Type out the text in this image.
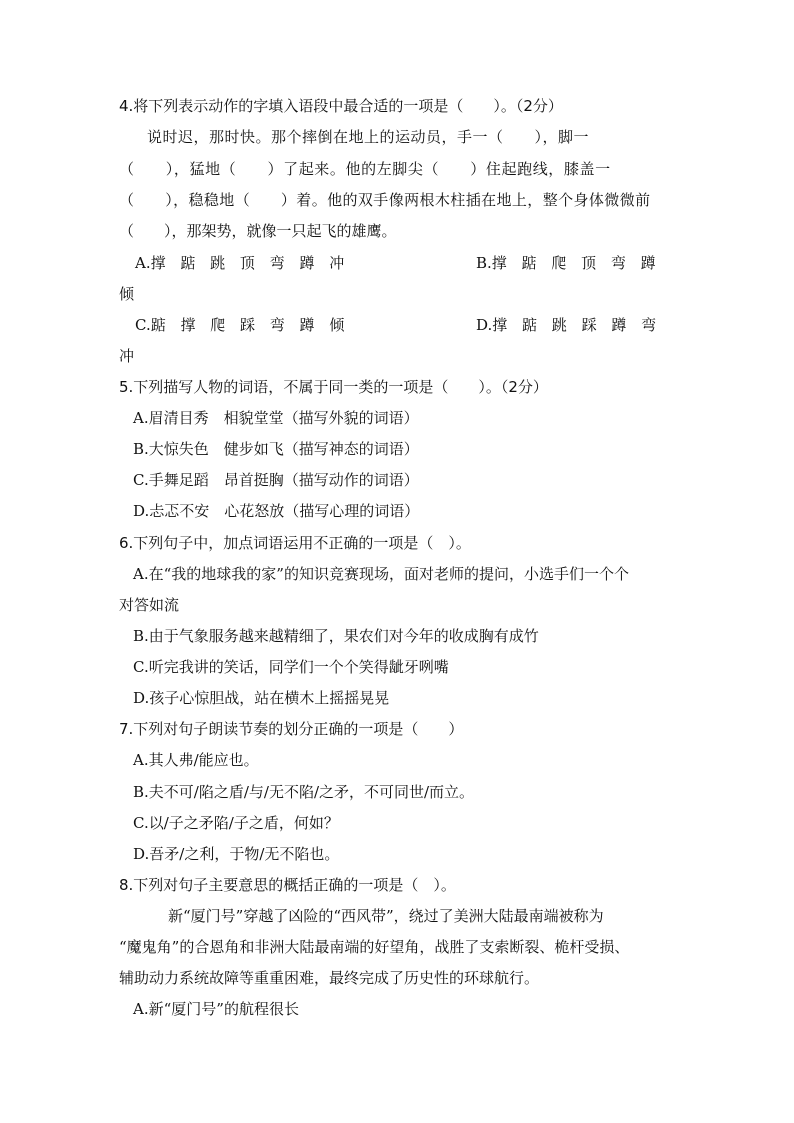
4.将下列表示动作的字填入语段中最合适的一项是（　　）。（2分）
说时迟，那时快。那个摔倒在地上的运动员，手一（　　），脚一
（　　），猛地（　　）了起来。他的左脚尖（　　）住起跑线，膝盖一
（　　），稳稳地（　　）着。他的双手像两根木柱插在地上，整个身体微微前
（　　），那架势，就像一只起飞的雄鹰。
A.撑 踮 跳 顶 弯 蹲 冲	B.撑 踮 爬 顶 弯 蹲
倾
C.踮 撑 爬 踩 弯 蹲 倾	D.撑 踮 跳 踩 蹲 弯
冲
5.下列描写人物的词语，不属于同一类的一项是（　　）。（2分）
A.眉清目秀　相貌堂堂（描写外貌的词语）
B.大惊失色　健步如飞（描写神态的词语）
C.手舞足蹈　昂首挺胸（描写动作的词语）
D.忐忑不安　心花怒放（描写心理的词语）
6.下列句子中，加点词语运用不正确的一项是（　）。
A.在“我的地球我的家”的知识竞赛现场，面对老师的提问，小选手们一个个
对答如流
B.由于气象服务越来越精细了，果农们对今年的收成胸有成竹
C.听完我讲的笑话，同学们一个个笑得龇牙咧嘴
D.孩子心惊胆战，站在横木上摇摇晃晃
7.下列对句子朗读节奏的划分正确的一项是（　　）
A.其人弗/能应也。
B.夫不可/陷之盾/与/无不陷/之矛，不可同世/而立。
C.以/子之矛陷/子之盾，何如？
D.吾矛/之利，于物/无不陷也。
8.下列对句子主要意思的概括正确的一项是（　）。
新“厦门号”穿越了凶险的“西风带”，绕过了美洲大陆最南端被称为
“魔鬼角”的合恩角和非洲大陆最南端的好望角，战胜了支索断裂、桅杆受损、
辅助动力系统故障等重重困难，最终完成了历史性的环球航行。
A.新“厦门号”的航程很长
